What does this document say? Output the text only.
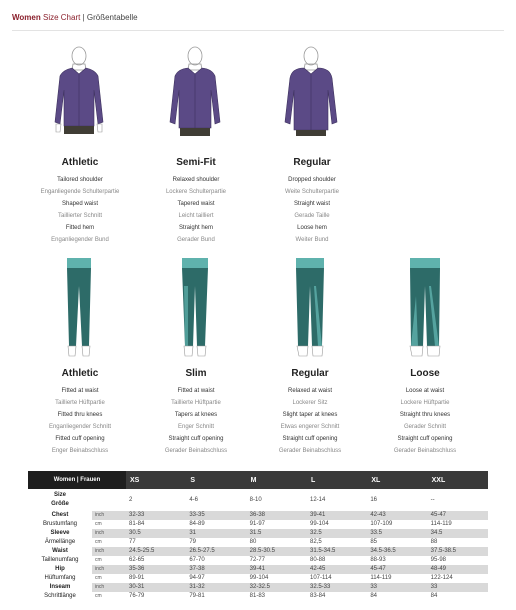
Women Size Chart | Größentabelle
Athletic
Tailored shoulder
Enganliegende Schulterpartie
Shaped waist
Taillierter Schnitt
Fitted hem
Enganliegender Bund
Semi-Fit
Relaxed shoulder
Lockere Schulterpartie
Tapered waist
Leicht tailliert
Straight hem
Gerader Bund
Regular
Dropped shoulder
Weite Schulterpartie
Straight waist
Gerade Taille
Loose hem
Weiter Bund
Athletic
Fitted at waist
Taillierte Hüftpartie
Fitted thru knees
Enganliegender Schnitt
Fitted cuff opening
Enger Beinabschluss
Slim
Fitted at waist
Taillierte Hüftpartie
Tapers at knees
Enger Schnitt
Straight cuff opening
Gerader Beinabschluss
Regular
Relaxed at waist
Lockerer Sitz
Slight taper at knees
Etwas engerer Schnitt
Straight cuff opening
Gerader Beinabschluss
Loose
Loose at waist
Lockere Hüftpartie
Straight thru knees
Gerader Schnitt
Straight cuff opening
Gerader Beinabschluss
Women | Frauen		XS	S	M	L	XL	XXL

Size
Größe		2	4-6	8-10	12-14	16	--
Chest	inch	32-33	33-35	36-38	39-41	42-43	45-47
Brustumfang	cm	81-84	84-89	91-97	99-104	107-109	114-119
Sleeve	inch	30.5	31	31.5	32.5	33.5	34.5
Ärmellänge	cm	77	79	80	82,5	85	88
Waist	inch	24.5-25.5	26.5-27.5	28.5-30.5	31.5-34.5	34.5-36.5	37.5-38.5
Taillenumfang	cm	62-65	67-70	72-77	80-88	88-93	95-98
Hip	inch	35-36	37-38	39-41	42-45	45-47	48-49
Hüftumfang	cm	89-91	94-97	99-104	107-114	114-119	122-124
Inseam	inch	30-31	31-32	32-32.5	32.5-33	33	33
Schrittlänge	cm	76-79	79-81	81-83	83-84	84	84
